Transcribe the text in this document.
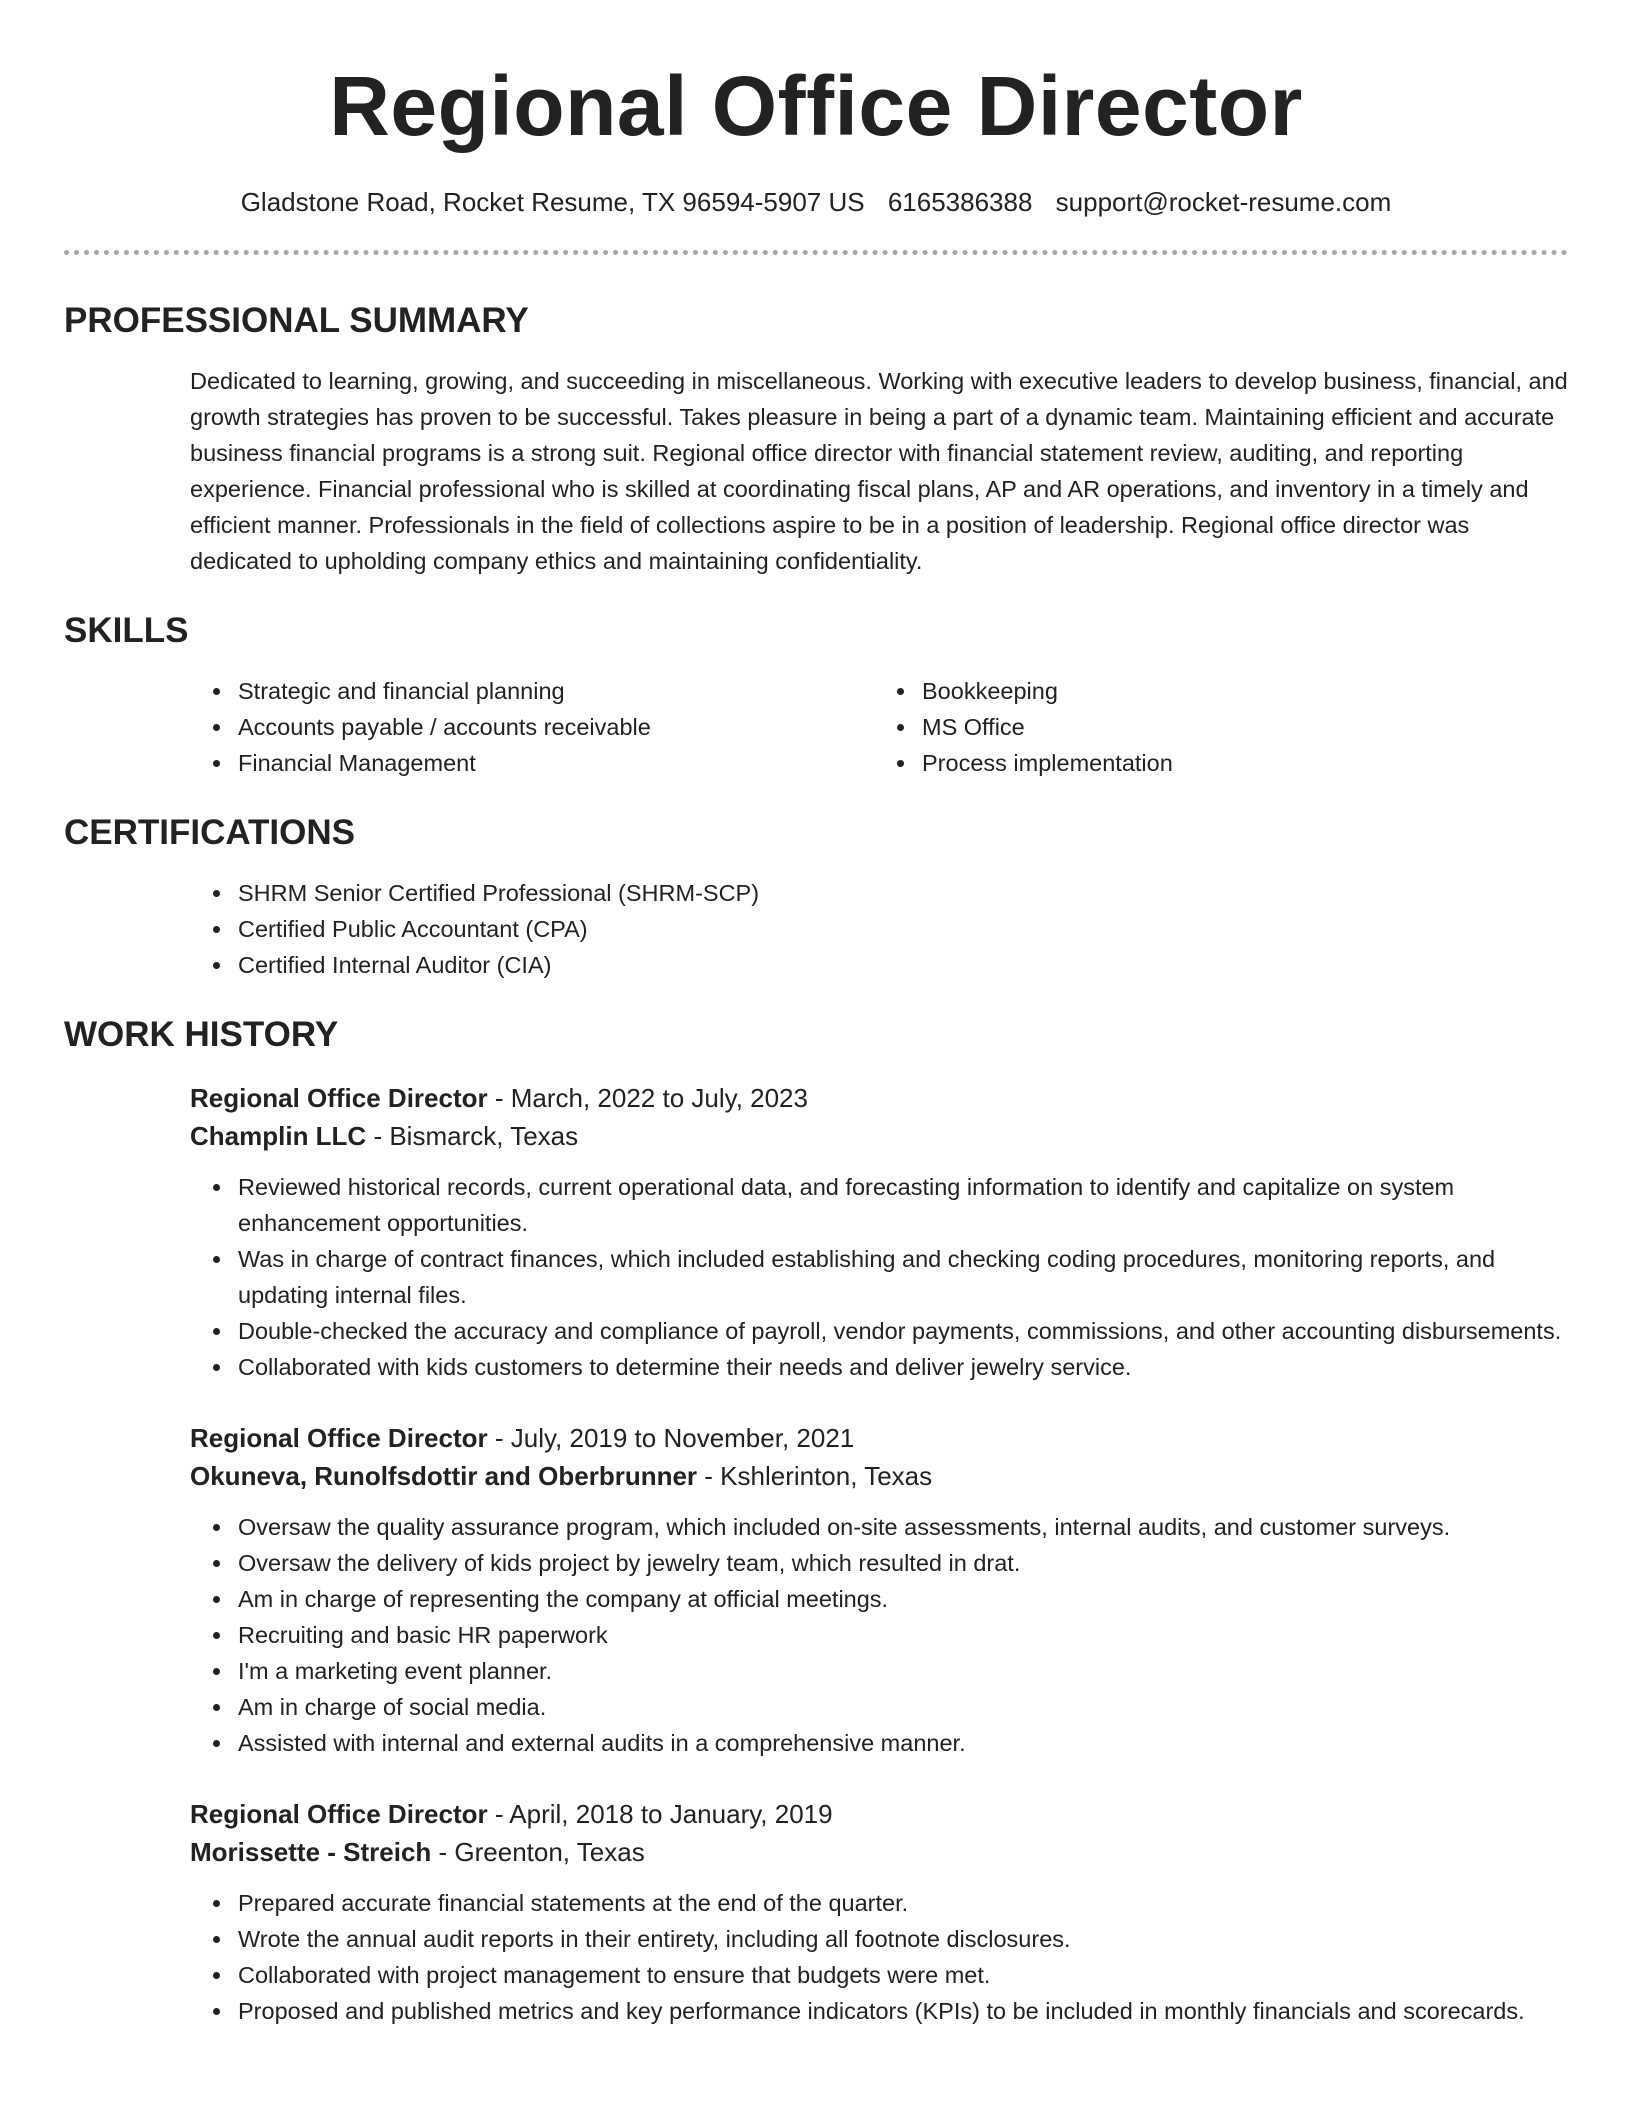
Regional Office Director
Gladstone Road, Rocket Resume, TX 96594-5907 US 6165386388 support@rocket-resume.com
PROFESSIONAL SUMMARY
Dedicated to learning, growing, and succeeding in miscellaneous. Working with executive leaders to develop business, financial, and growth strategies has proven to be successful. Takes pleasure in being a part of a dynamic team. Maintaining efficient and accurate business financial programs is a strong suit. Regional office director with financial statement review, auditing, and reporting experience. Financial professional who is skilled at coordinating fiscal plans, AP and AR operations, and inventory in a timely and efficient manner. Professionals in the field of collections aspire to be in a position of leadership. Regional office director was dedicated to upholding company ethics and maintaining confidentiality.
SKILLS
• Strategic and financial planning
• Accounts payable / accounts receivable
• Financial Management
• Bookkeeping
• MS Office
• Process implementation
CERTIFICATIONS
• SHRM Senior Certified Professional (SHRM-SCP)
• Certified Public Accountant (CPA)
• Certified Internal Auditor (CIA)
WORK HISTORY
Regional Office Director - March, 2022 to July, 2023
Champlin LLC - Bismarck, Texas
• Reviewed historical records, current operational data, and forecasting information to identify and capitalize on system enhancement opportunities.
• Was in charge of contract finances, which included establishing and checking coding procedures, monitoring reports, and updating internal files.
• Double-checked the accuracy and compliance of payroll, vendor payments, commissions, and other accounting disbursements.
• Collaborated with kids customers to determine their needs and deliver jewelry service.
Regional Office Director - July, 2019 to November, 2021
Okuneva, Runolfsdottir and Oberbrunner - Kshlerinton, Texas
• Oversaw the quality assurance program, which included on-site assessments, internal audits, and customer surveys.
• Oversaw the delivery of kids project by jewelry team, which resulted in drat.
• Am in charge of representing the company at official meetings.
• Recruiting and basic HR paperwork
• I'm a marketing event planner.
• Am in charge of social media.
• Assisted with internal and external audits in a comprehensive manner.
Regional Office Director - April, 2018 to January, 2019
Morissette - Streich - Greenton, Texas
• Prepared accurate financial statements at the end of the quarter.
• Wrote the annual audit reports in their entirety, including all footnote disclosures.
• Collaborated with project management to ensure that budgets were met.
• Proposed and published metrics and key performance indicators (KPIs) to be included in monthly financials and scorecards.
